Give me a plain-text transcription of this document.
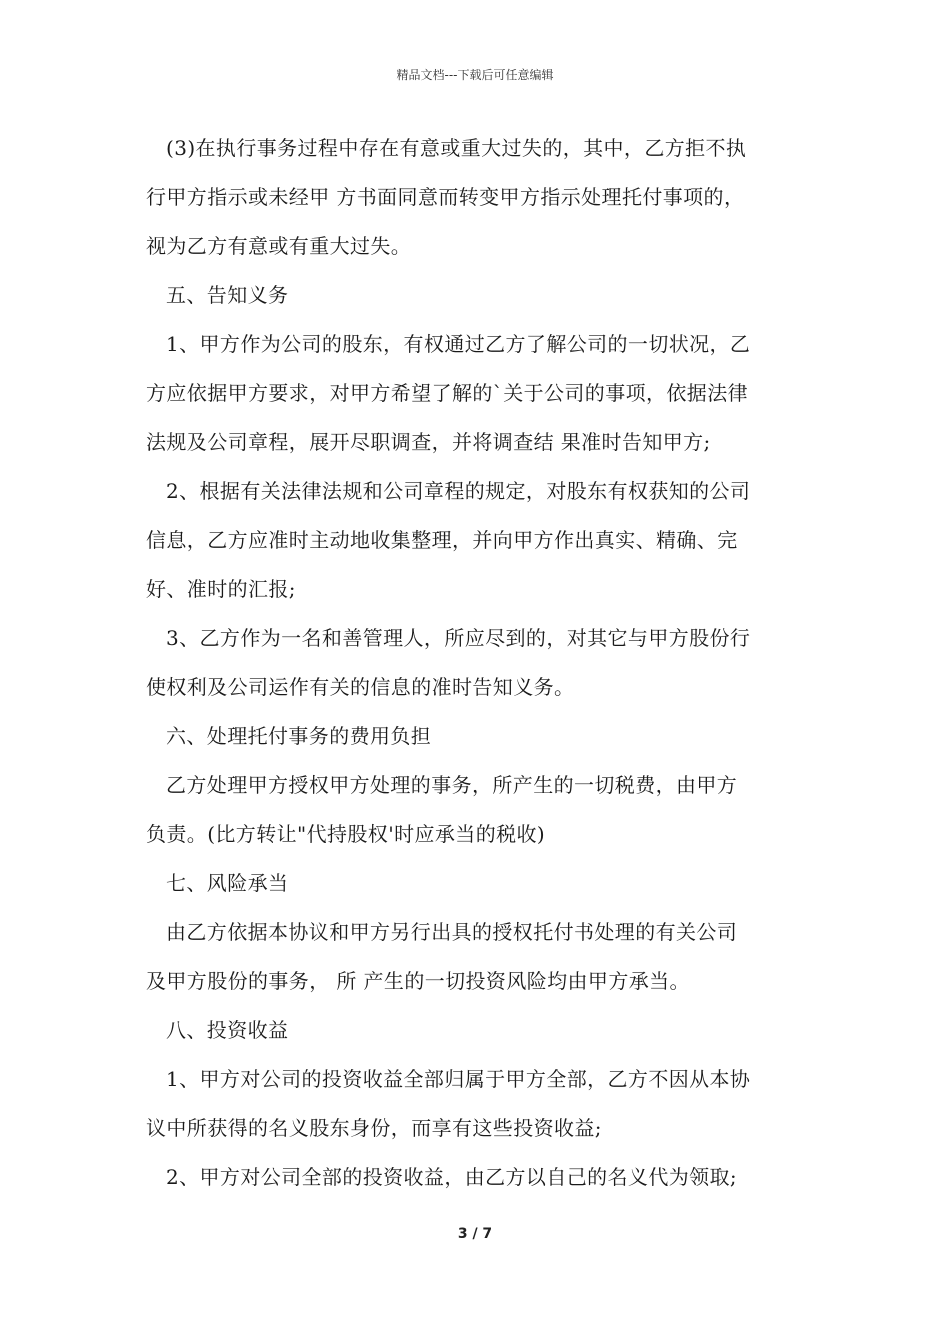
精品文档---下载后可任意编辑
(3)在执行事务过程中存在有意或重大过失的，其中，乙方拒不执
行甲方指示或未经甲 方书面同意而转变甲方指示处理托付事项的，
视为乙方有意或有重大过失。
五、告知义务
1、甲方作为公司的股东，有权通过乙方了解公司的一切状况，乙
方应依据甲方要求，对甲方希望了解的`关于公司的事项，依据法律
法规及公司章程，展开尽职调查，并将调查结 果准时告知甲方;
2、根据有关法律法规和公司章程的规定，对股东有权获知的公司
信息，乙方应准时主动地收集整理，并向甲方作出真实、精确、完
好、准时的汇报;
3、乙方作为一名和善管理人，所应尽到的，对其它与甲方股份行
使权利及公司运作有关的信息的准时告知义务。
六、处理托付事务的费用负担
乙方处理甲方授权甲方处理的事务，所产生的一切税费，由甲方
负责。(比方转让"代持股权'时应承当的税收)
七、风险承当
由乙方依据本协议和甲方另行出具的授权托付书处理的有关公司
及甲方股份的事务， 所 产生的一切投资风险均由甲方承当。
八、投资收益
1、甲方对公司的投资收益全部归属于甲方全部，乙方不因从本协
议中所获得的名义股东身份，而享有这些投资收益;
2、甲方对公司全部的投资收益，由乙方以自己的名义代为领取;
3 / 7
